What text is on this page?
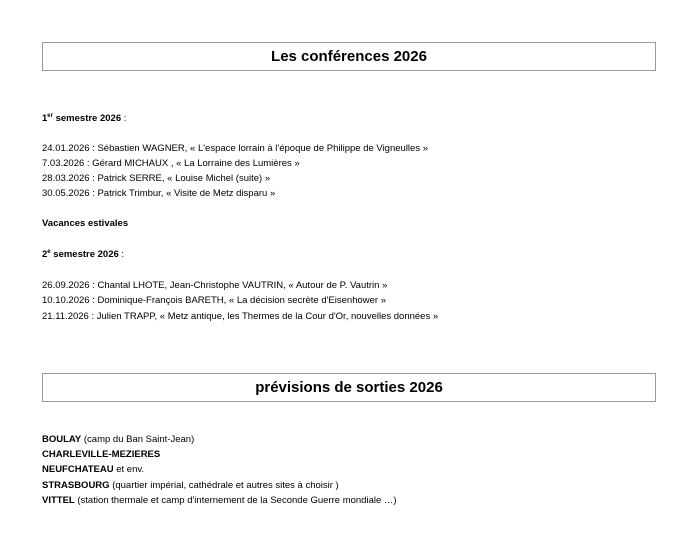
Les conférences 2026
1er semestre 2026 :
24.01.2026 : Sébastien WAGNER, « L'espace lorrain à l'époque de Philippe de Vigneulles »
7.03.2026 : Gérard MICHAUX , « La Lorraine des Lumières »
28.03.2026 : Patrick SERRE, « Louise Michel (suite) »
30.05.2026 : Patrick Trimbur, « Visite de Metz disparu »
Vacances estivales
2e semestre 2026 :
26.09.2026 : Chantal LHOTE, Jean-Christophe VAUTRIN, « Autour de P. Vautrin »
10.10.2026 : Dominique-François BARETH, « La décision secrète d'Eisenhower »
21.11.2026 : Julien TRAPP, « Metz antique, les Thermes de la Cour d'Or, nouvelles données »
prévisions de sorties 2026
BOULAY (camp du Ban Saint-Jean)
CHARLEVILLE-MEZIERES
NEUFCHATEAU et env.
STRASBOURG (quartier impérial, cathédrale et autres sites à choisir )
VITTEL (station thermale et camp d'internement de la Seconde Guerre mondiale …)
